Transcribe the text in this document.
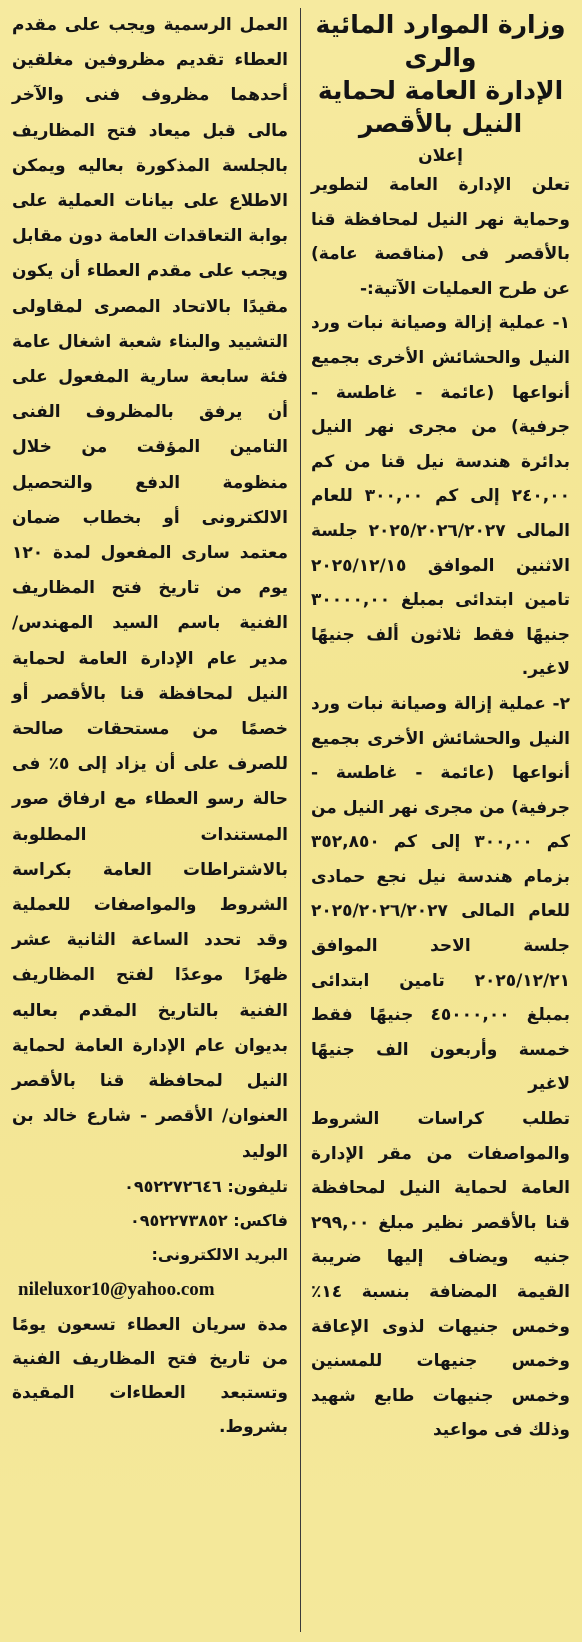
وزارة الموارد المائية
والرى
الإدارة العامة لحماية
النيل بالأقصر
إعلان

تعلن الإدارة العامة لتطوير وحماية نهر النيل لمحافظة قنا بالأقصر فى (مناقصة عامة) عن طرح العمليات الآتية:-

١- عملية إزالة وصيانة نبات ورد النيل والحشائش الأخرى بجميع أنواعها (عائمة - غاطسة - جرفية) من مجرى نهر النيل بدائرة هندسة نيل قنا من كم ٢٤٠,٠٠ إلى كم ٣٠٠,٠٠ للعام المالى ٢٠٢٥/٢٠٢٦/٢٠٢٧ جلسة الاثنين الموافق ٢٠٢٥/١٢/١٥ تامين ابتدائى بمبلغ ٣٠٠٠٠,٠٠ جنيهًا فقط ثلاثون ألف جنيهًا لاغير.

٢- عملية إزالة وصيانة نبات ورد النيل والحشائش الأخرى بجميع أنواعها (عائمة - غاطسة - جرفية) من مجرى نهر النيل من كم ٣٠٠,٠٠ إلى كم ٣٥٢,٨٥٠ بزمام هندسة نيل نجع حمادى للعام المالى ٢٠٢٥/٢٠٢٦/٢٠٢٧ جلسة الاحد الموافق ٢٠٢٥/١٢/٢١ تامين ابتدائى بمبلغ ٤٥٠٠٠,٠٠ جنيهًا فقط خمسة وأربعون الف جنيهًا لاغير

تطلب كراسات الشروط والمواصفات من مقر الإدارة العامة لحماية النيل لمحافظة قنا بالأقصر نظير مبلغ ٢٩٩,٠٠ جنيه ويضاف إليها ضريبة القيمة المضافة بنسبة ١٤٪ وخمس جنيهات لذوى الإعاقة وخمس جنيهات للمسنين وخمس جنيهات طابع شهيد وذلك فى مواعيد

العمل الرسمية ويجب على مقدم العطاء تقديم مظروفين مغلقين أحدهما مظروف فنى والآخر مالى قبل ميعاد فتح المظاريف بالجلسة المذكورة بعاليه ويمكن الاطلاع على بيانات العملية على بوابة التعاقدات العامة دون مقابل ويجب على مقدم العطاء أن يكون مقيدًا بالاتحاد المصرى لمقاولى التشييد والبناء شعبة اشغال عامة فئة سابعة سارية المفعول على أن يرفق بالمظروف الفنى التامين المؤقت من خلال منظومة الدفع والتحصيل الالكترونى أو بخطاب ضمان معتمد سارى المفعول لمدة ١٢٠ يوم من تاريخ فتح المظاريف الفنية باسم السيد المهندس/ مدير عام الإدارة العامة لحماية النيل لمحافظة قنا بالأقصر أو خصمًا من مستحقات صالحة للصرف على أن يزاد إلى ٥٪ فى حالة رسو العطاء مع ارفاق صور المستندات المطلوبة بالاشتراطات العامة بكراسة الشروط والمواصفات للعملية وقد تحدد الساعة الثانية عشر ظهرًا موعدًا لفتح المظاريف الفنية بالتاريخ المقدم بعاليه بديوان عام الإدارة العامة لحماية النيل لمحافظة قنا بالأقصر العنوان/ الأقصر - شارع خالد بن الوليد

تليفون: ٠٩٥٢٢٧٢٦٤٦

فاكس: ٠٩٥٢٢٧٣٨٥٢

البريد الالكترونى:

nileluxor10@yahoo.com

مدة سريان العطاء تسعون يومًا من تاريخ فتح المظاريف الفنية وتستبعد العطاءات المقيدة بشروط.
